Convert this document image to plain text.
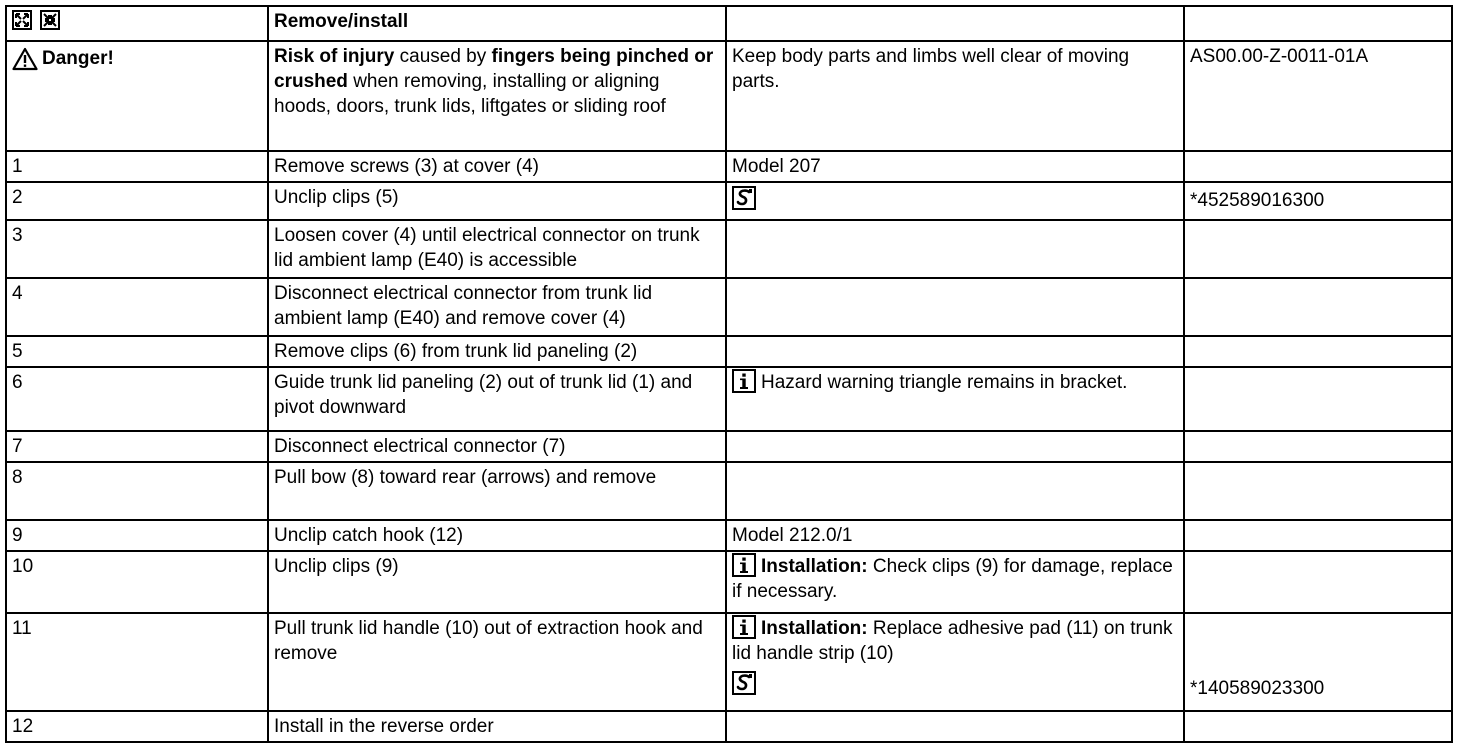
	Remove/install		

Danger!	Risk of injury caused by fingers being pinched or crushed when removing, installing or aligning hoods, doors, trunk lids, liftgates or sliding roof	Keep body parts and limbs well clear of moving parts.	AS00.00-Z-0011-01A
1	Remove screws (3) at cover (4)	Model 207	
2	Unclip clips (5)		*452589016300
3	Loosen cover (4) until electrical connector on trunk lid ambient lamp (E40) is accessible		
4	Disconnect electrical connector from trunk lid ambient lamp (E40) and remove cover (4)		
5	Remove clips (6) from trunk lid paneling (2)		
6	Guide trunk lid paneling (2) out of trunk lid (1) and pivot downward	Hazard warning triangle remains in bracket.	
7	Disconnect electrical connector (7)		
8	Pull bow (8) toward rear (arrows) and remove		
9	Unclip catch hook (12)	Model 212.0/1	
10	Unclip clips (9)	Installation: Check clips (9) for damage, replace if necessary.	
11	Pull trunk lid handle (10) out of extraction hook and remove	Installation: Replace adhesive pad (11) on trunk lid handle strip (10)	*140589023300

12	Install in the reverse order		
